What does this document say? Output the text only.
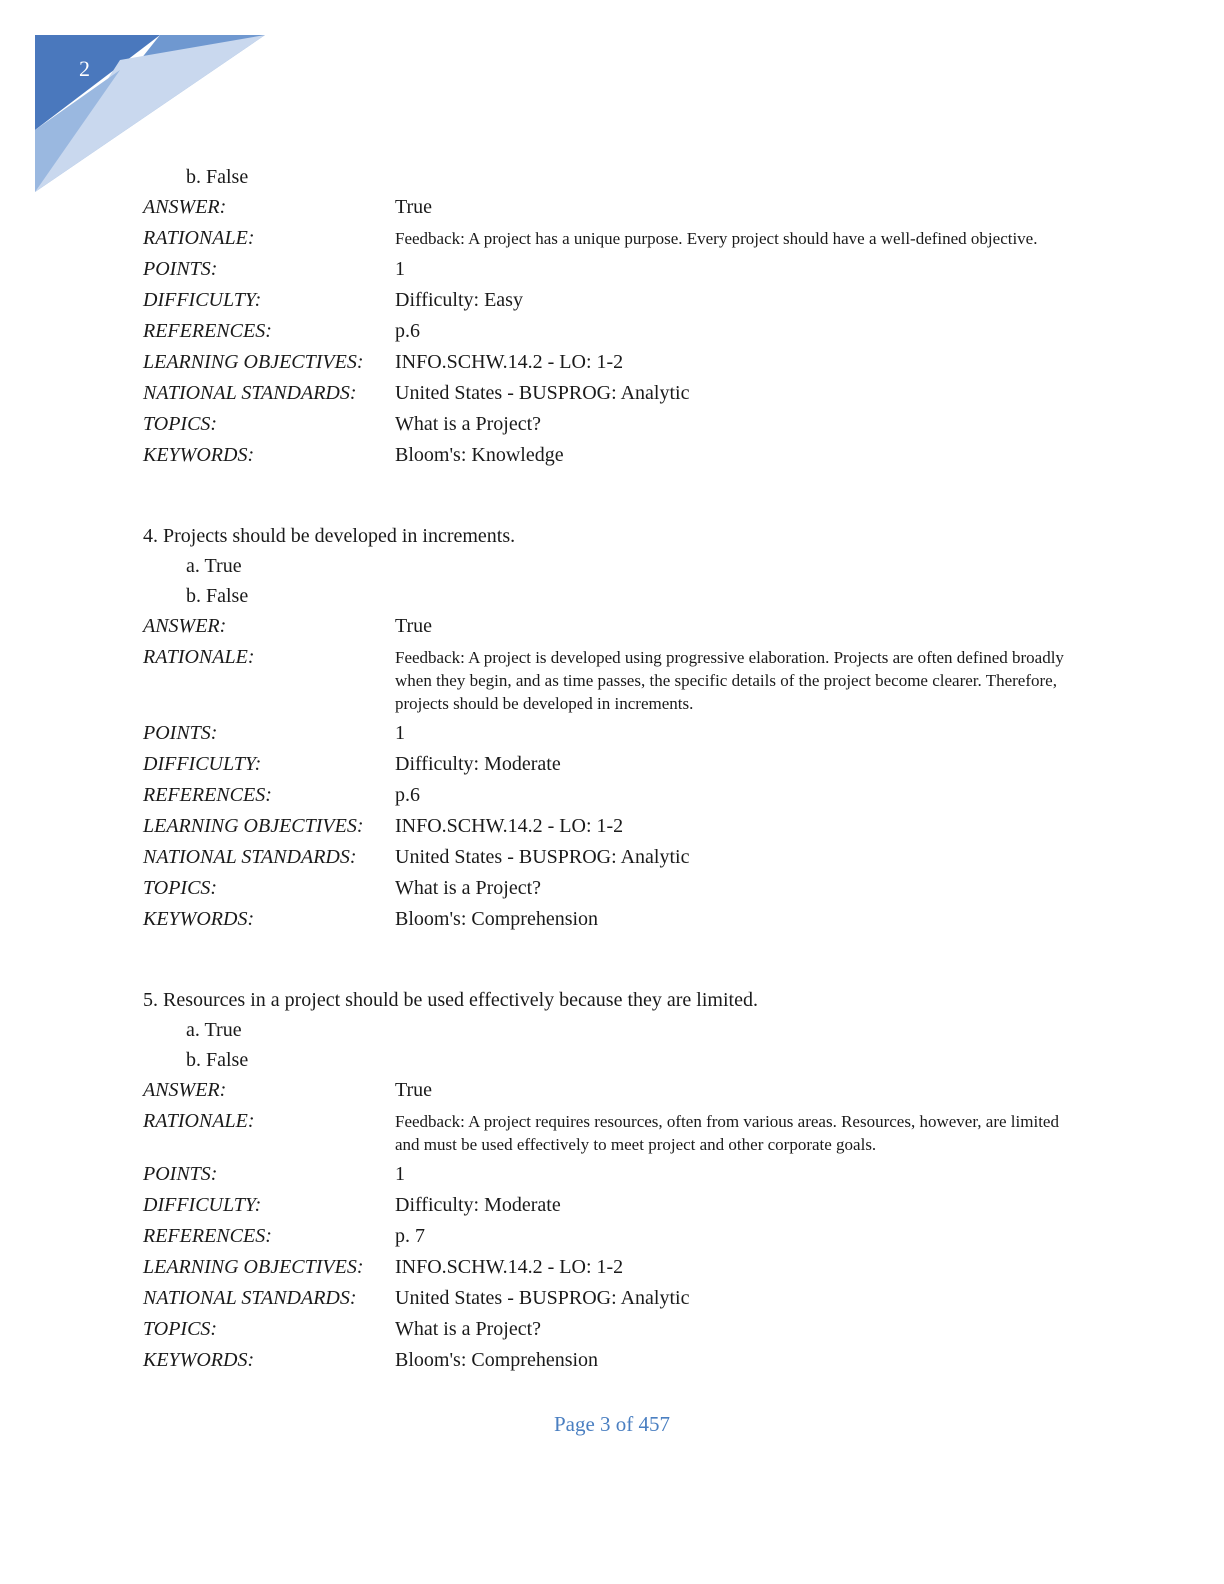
2
b. False
ANSWER:	True
RATIONALE:	Feedback: A project has a unique purpose. Every project should have a well-defined objective.
POINTS:	1
DIFFICULTY:	Difficulty: Easy
REFERENCES:	p.6
LEARNING OBJECTIVES:	INFO.SCHW.14.2 - LO: 1-2
NATIONAL STANDARDS:	United States - BUSPROG: Analytic
TOPICS:	What is a Project?
KEYWORDS:	Bloom's: Knowledge
4. Projects should be developed in increments.
a. True
b. False
ANSWER:	True
RATIONALE:	Feedback: A project is developed using progressive elaboration. Projects are often defined broadly when they begin, and as time passes, the specific details of the project become clearer. Therefore, projects should be developed in increments.
POINTS:	1
DIFFICULTY:	Difficulty: Moderate
REFERENCES:	p.6
LEARNING OBJECTIVES:	INFO.SCHW.14.2 - LO: 1-2
NATIONAL STANDARDS:	United States - BUSPROG: Analytic
TOPICS:	What is a Project?
KEYWORDS:	Bloom's: Comprehension
5. Resources in a project should be used effectively because they are limited.
a. True
b. False
ANSWER:	True
RATIONALE:	Feedback: A project requires resources, often from various areas. Resources, however, are limited and must be used effectively to meet project and other corporate goals.
POINTS:	1
DIFFICULTY:	Difficulty: Moderate
REFERENCES:	p. 7
LEARNING OBJECTIVES:	INFO.SCHW.14.2 - LO: 1-2
NATIONAL STANDARDS:	United States - BUSPROG: Analytic
TOPICS:	What is a Project?
KEYWORDS:	Bloom's: Comprehension
Page 3 of 457
